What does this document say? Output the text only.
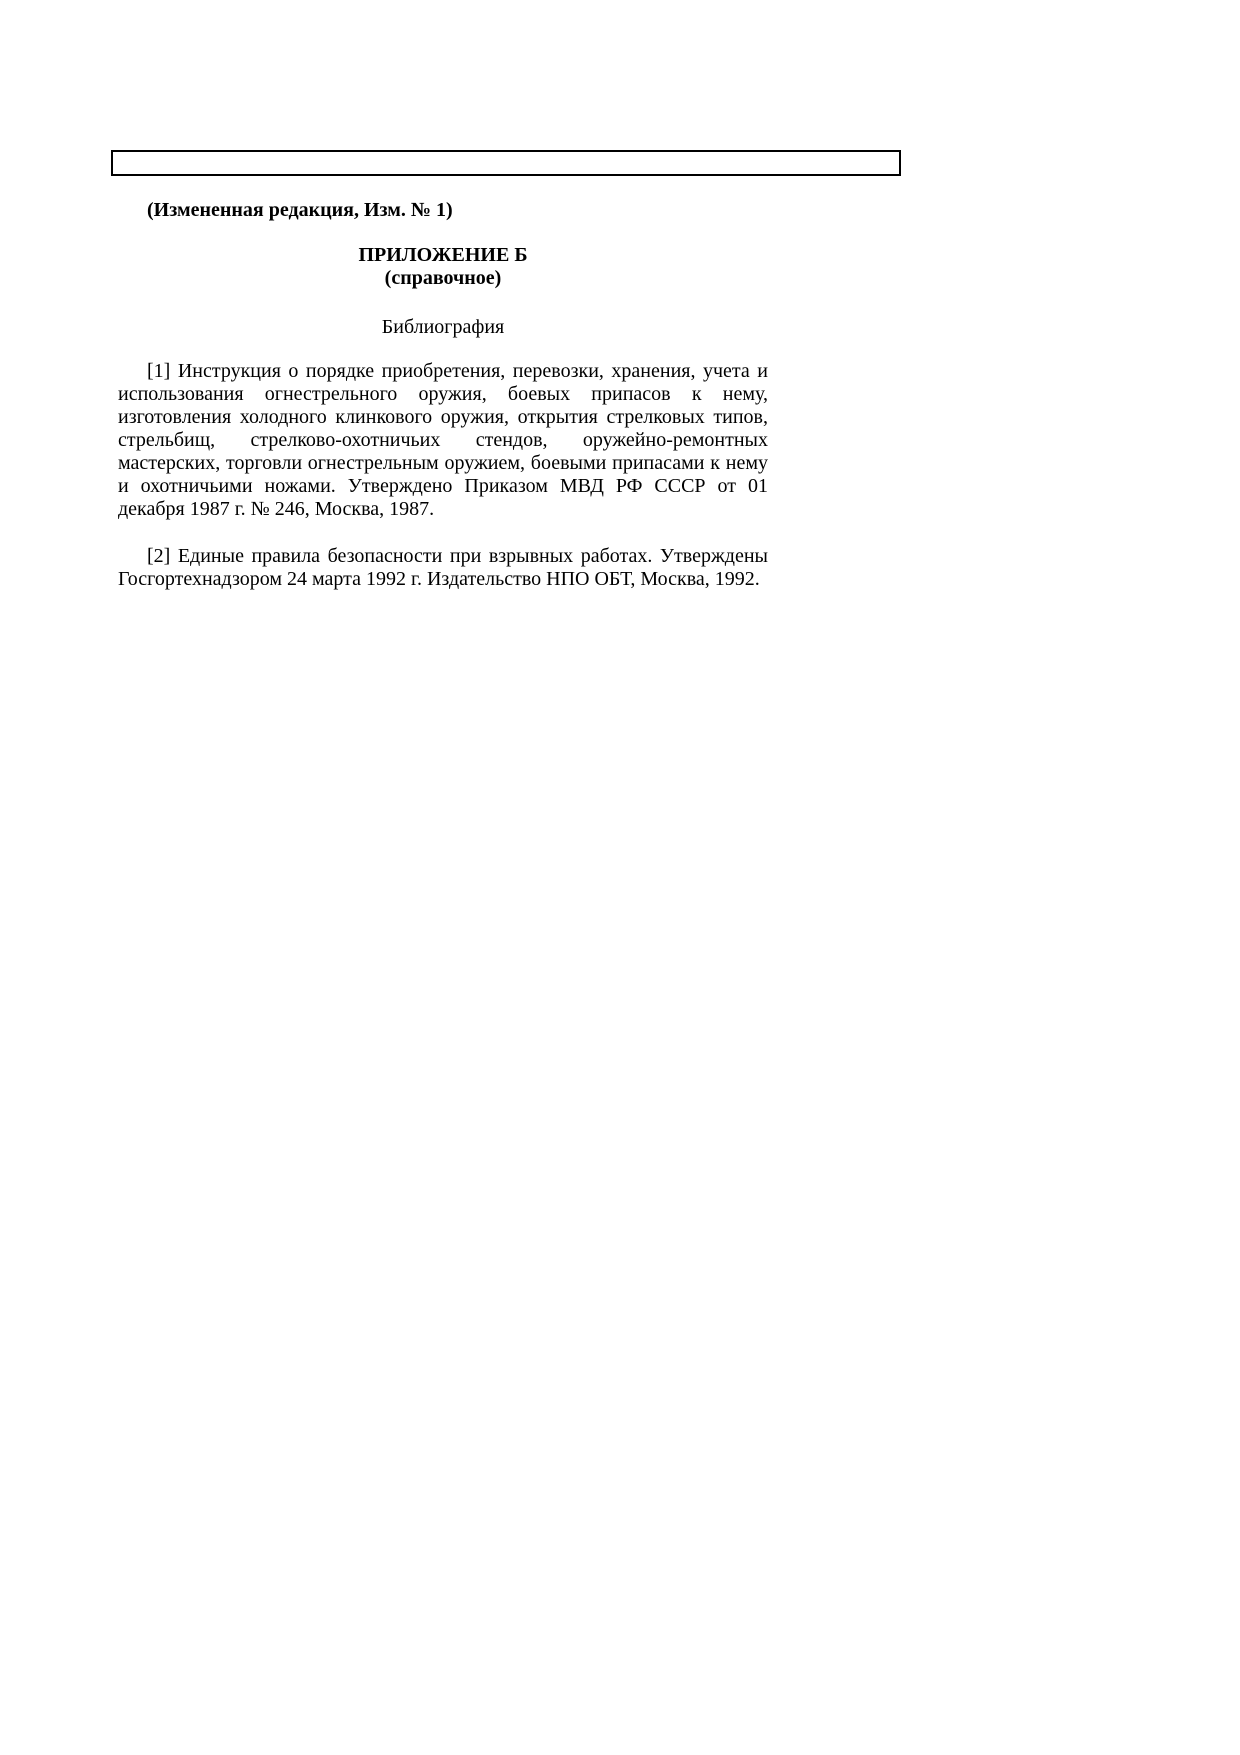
(Измененная редакция, Изм. № 1)
ПРИЛОЖЕНИЕ Б
(справочное)
Библиография

[1] Инструкция о порядке приобретения, перевозки, хранения, учета и использования огнестрельного оружия, боевых припасов к нему, изготовления холодного клинкового оружия, открытия стрелковых типов, стрельбищ, стрелково-охотничьих стендов, оружейно-ремонтных мастерских, торговли огнестрельным оружием, боевыми припасами к нему и охотничьими ножами. Утверждено Приказом МВД РФ СССР от 01 декабря 1987 г. № 246, Москва, 1987.

[2] Единые правила безопасности при взрывных работах. Утверждены Госгортехнадзором 24 марта 1992 г. Издательство НПО ОБТ, Москва, 1992.
